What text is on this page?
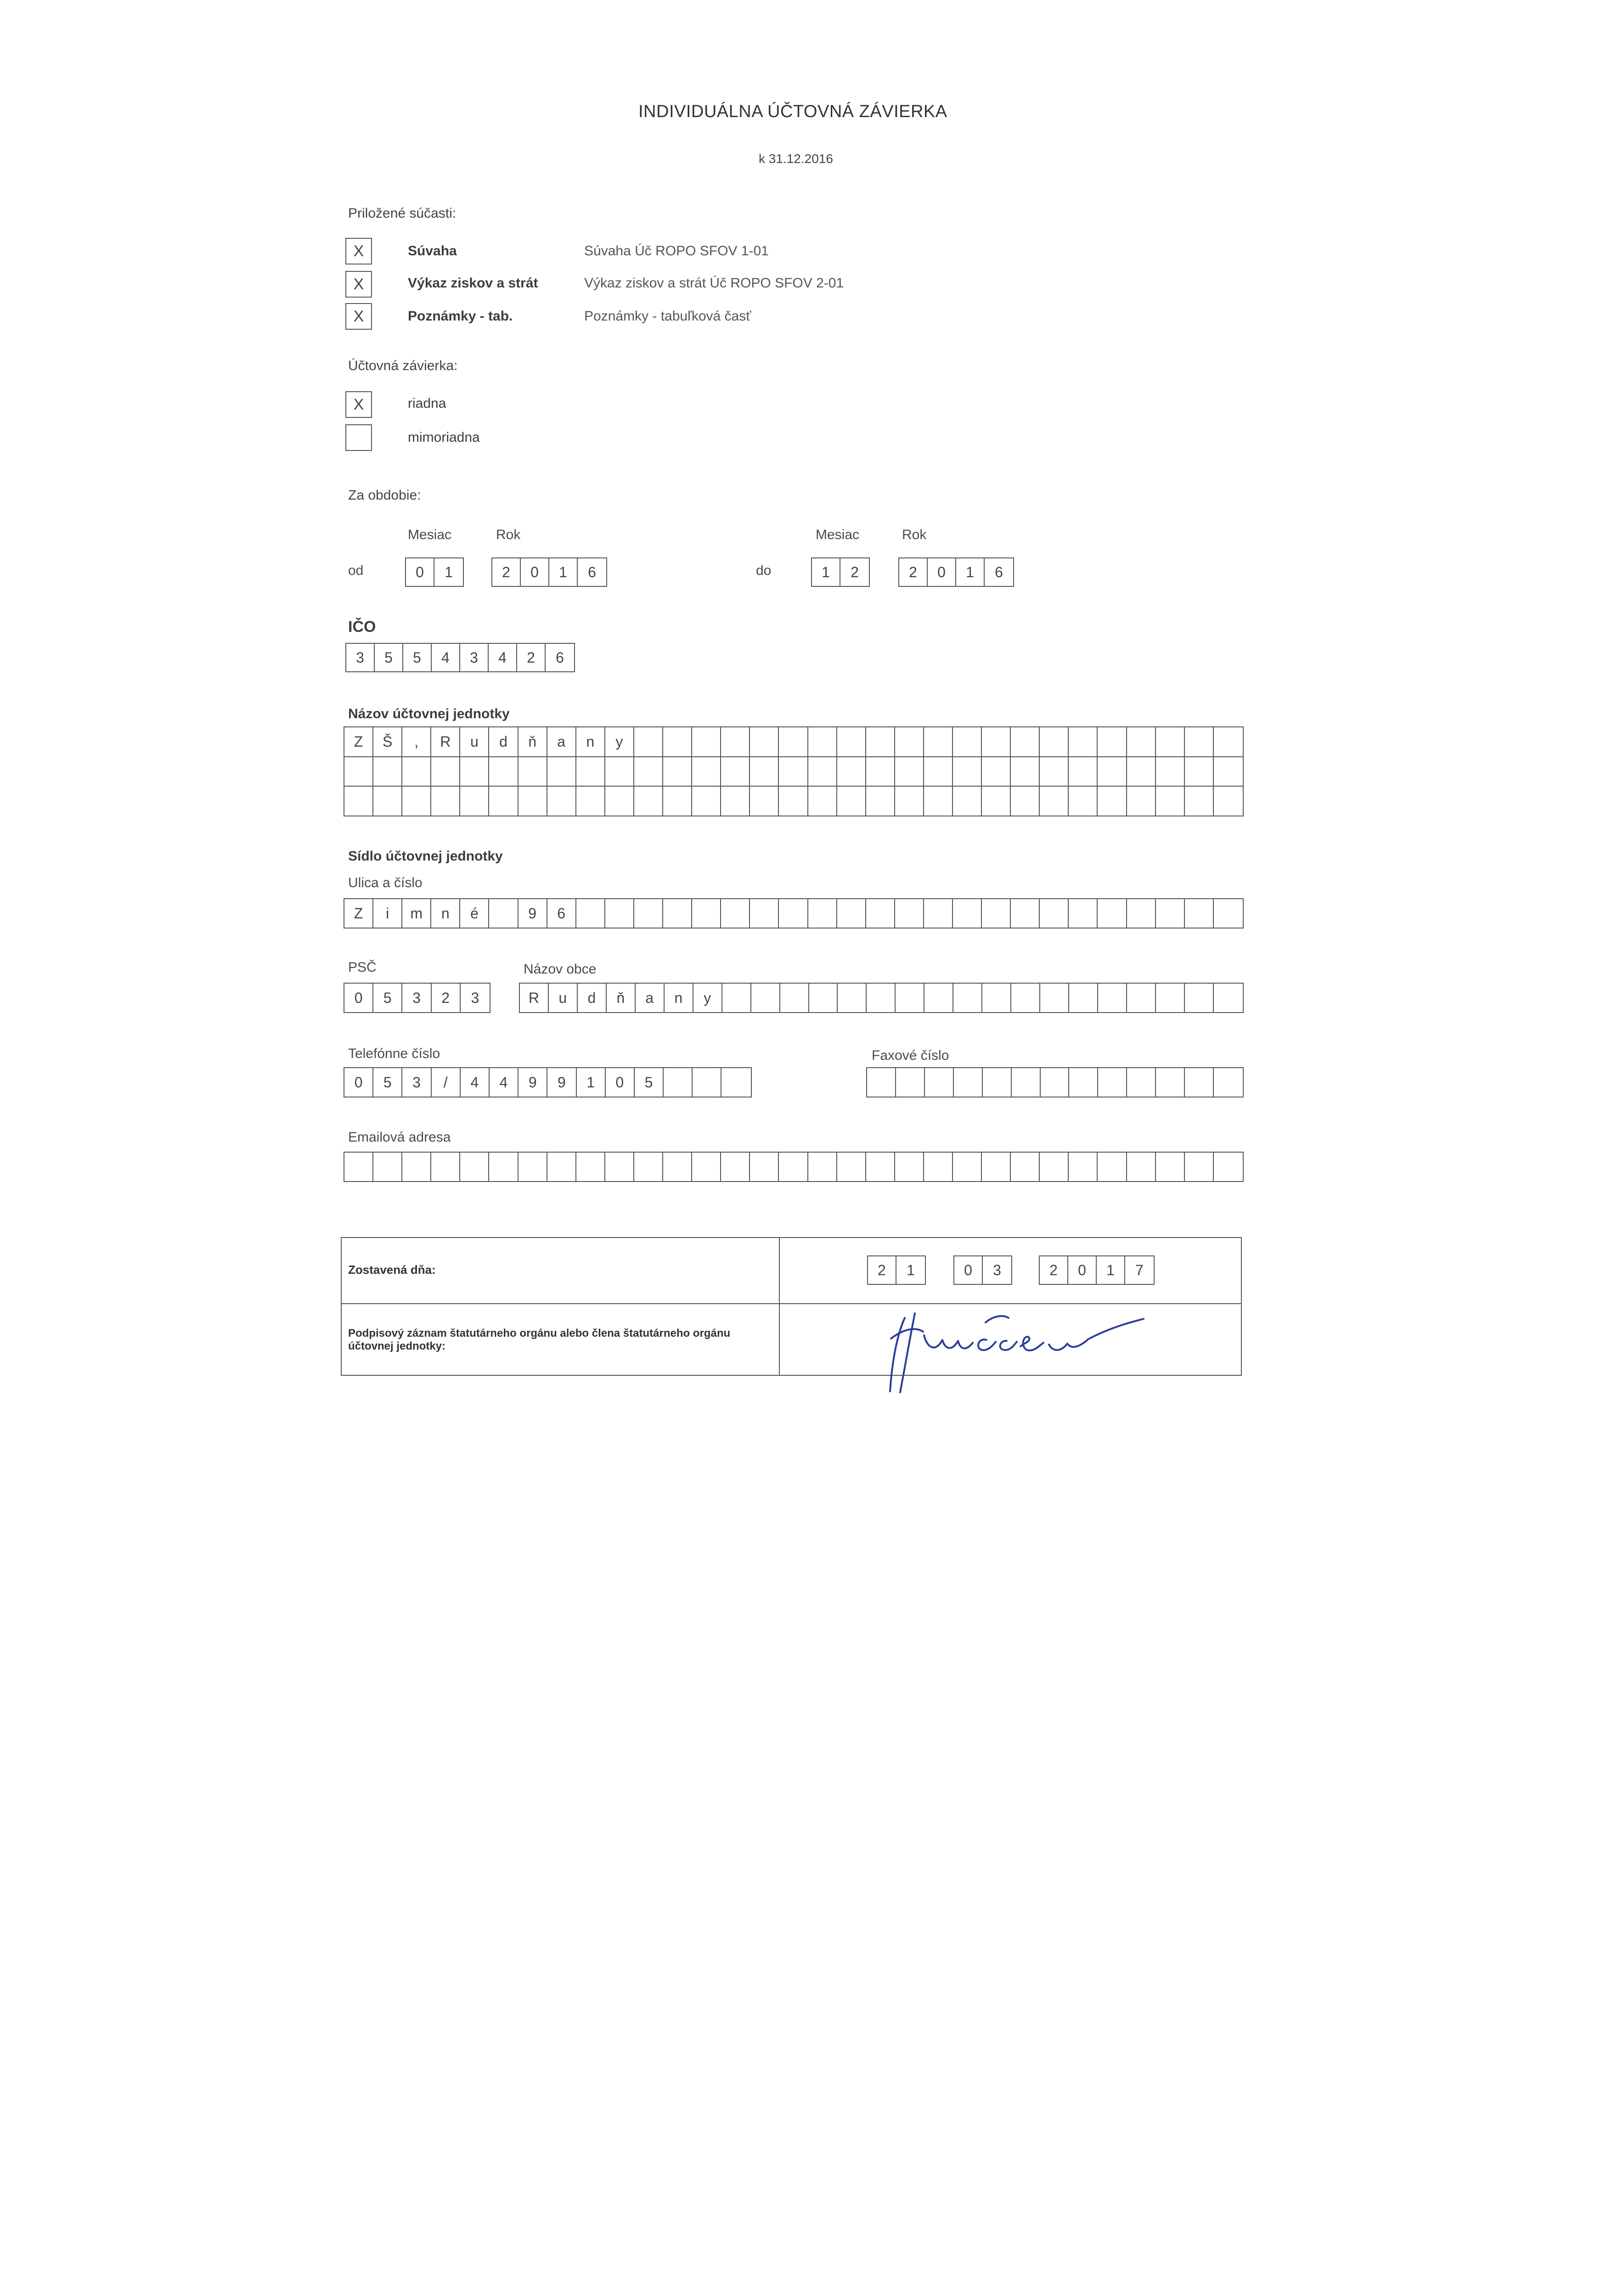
INDIVIDUÁLNA ÚČTOVNÁ ZÁVIERKA
k 31.12.2016
Priložené súčasti:
X	Súvaha	Súvaha Úč ROPO SFOV 1-01
X	Výkaz ziskov a strát	Výkaz ziskov a strát Úč ROPO SFOV 2-01
X	Poznámky - tab.	Poznámky - tabuľková časť
Účtovná závierka:
X	riadna
mimoriadna
Za obdobie:
Mesiac	Rok	Mesiac	Rok
od	0	1	2	0	1	6	do	1	2	2	0	1	6
IČO
3	5	5	4	3	4	2	6
Názov účtovnej jednotky
Z	Š	,	R	u	d	ň	a	n	y
Sídlo účtovnej jednotky
Ulica a číslo
Z	i	m	n	é	9	6
PSČ
0	5	3	2	3
Názov obce
R	u	d	ň	a	n	y
Telefónne číslo
0	5	3	/	4	4	9	9	1	0	5
Faxové číslo
Emailová adresa
Zostavená dňa:	2	1	0	3	2	0	1	7
Podpisový záznam štatutárneho orgánu alebo člena štatutárneho orgánu účtovnej jednotky:
